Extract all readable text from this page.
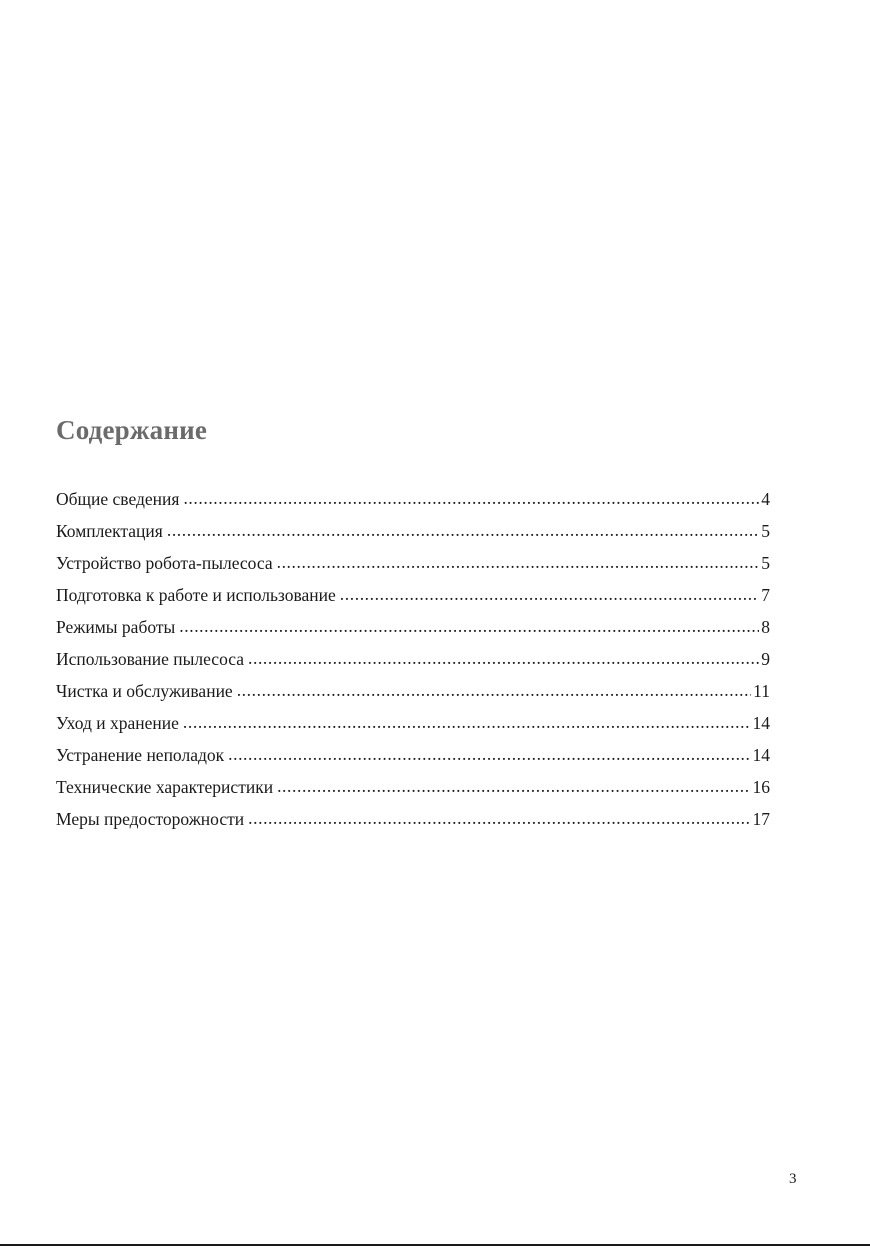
Содержание
Общие сведения .....	4
Комплектация .....	5
Устройство робота-пылесоса .....	5
Подготовка к работе и использование .....	7
Режимы работы .....	8
Использование пылесоса .....	9
Чистка и обслуживание .....	11
Уход и хранение .....	14
Устранение неполадок .....	14
Технические характеристики .....	16
Меры предосторожности .....	17
3
